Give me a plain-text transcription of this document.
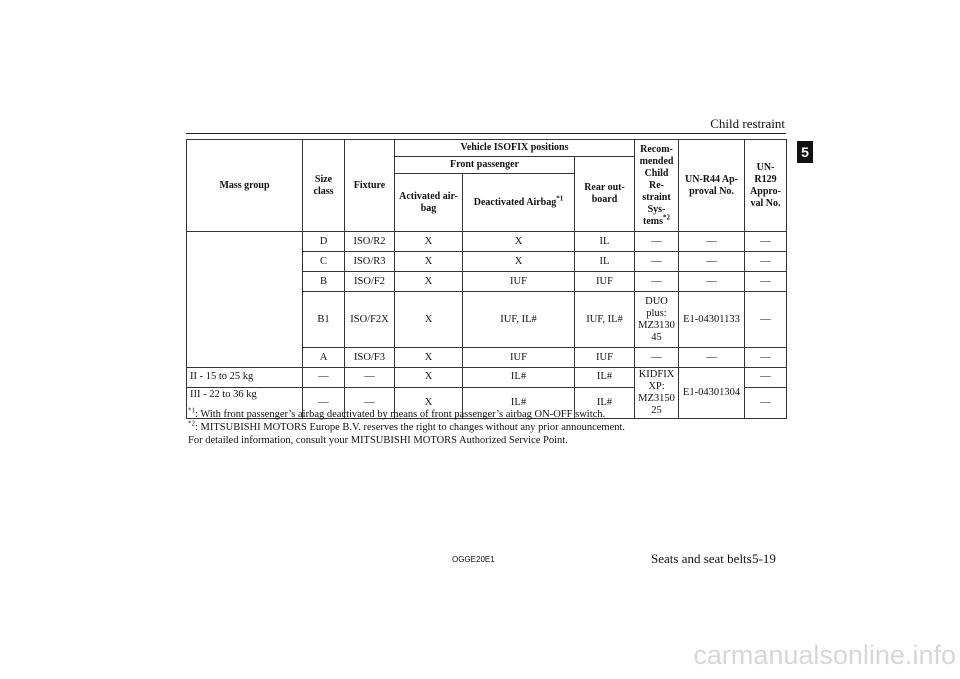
Child restraint
5
Mass group	Size class	Fixture	Vehicle ISOFIX positions			Recom-mended Child Re-straint Sys-tems$^{*2}$	UN-R44 Ap-proval No.	UN-R129 Appro-val No.
			Front passenger		Rear out-board			
			Activated air-bag	Deactivated Airbag$^{*1}$
	D	ISO/R2	X	X	IL	—	—	—
	C	ISO/R3	X	X	IL	—	—	—
	B	ISO/F2	X	IUF	IUF	—	—	—
	B1	ISO/F2X	X	IUF, IL#	IUF, IL#	DUO plus: MZ313045	E1-04301133	—
	A	ISO/F3	X	IUF	IUF	—	—	—
II - 15 to 25 kg	—	—	X	IL#	IL#	KIDFIX XP: MZ315025	E1-04301304	—
III - 22 to 36 kg	—	—	X	IL#	IL#			—

$^{*1}$: With front passenger’s airbag deactivated by means of front passenger’s airbag ON-OFF switch.

$^{*2}$: MITSUBISHI MOTORS Europe B.V. reserves the right to changes without any prior announcement.

For detailed information, consult your MITSUBISHI MOTORS Authorized Service Point.

OGGE20E1	Seats and seat belts 5-19
carmanualsonline.info
